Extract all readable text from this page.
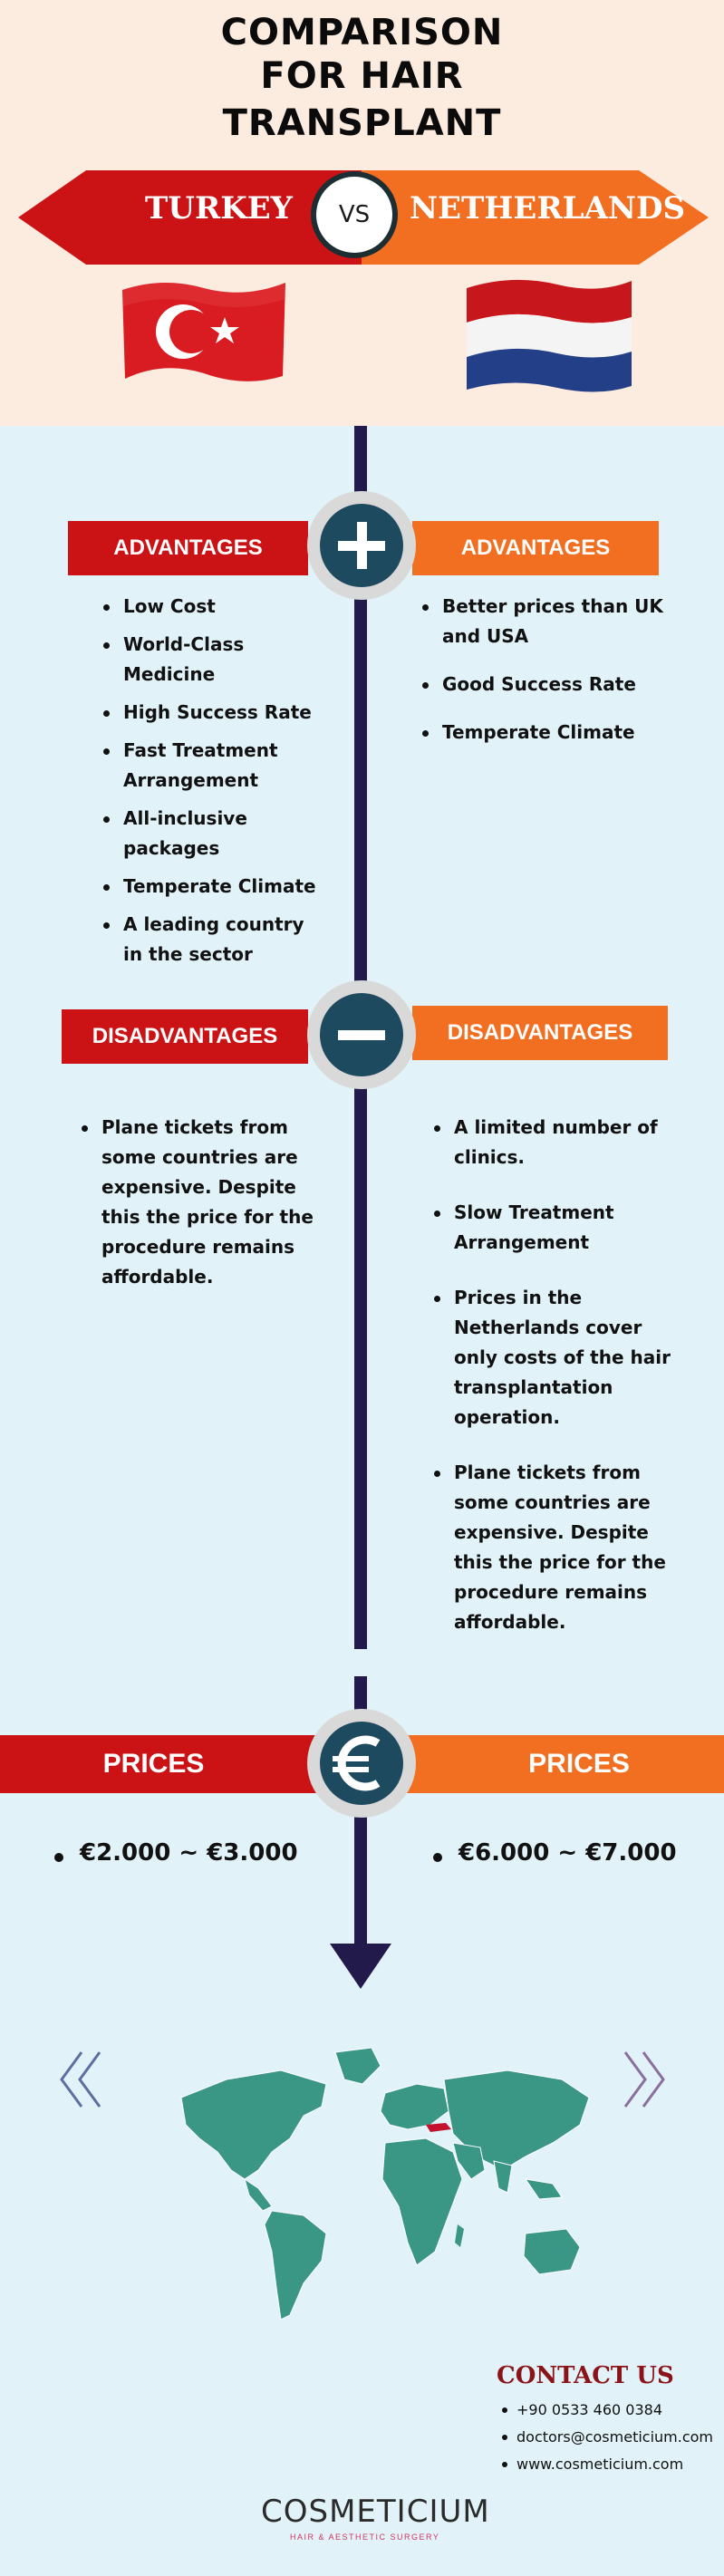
COMPARISON
FOR HAIR
TRANSPLANT
TURKEY	NETHERLANDS
VS
ADVANTAGES	ADVANTAGES
Low Cost
World-Class Medicine
High Success Rate
Fast Treatment Arrangement
All-inclusive packages
Temperate Climate
A leading country in the sector
Better prices than UK and USA
Good Success Rate
Temperate Climate
DISADVANTAGES	DISADVANTAGES
Plane tickets from some countries are expensive. Despite this the price for the procedure remains affordable.
A limited number of clinics.
Slow Treatment Arrangement
Prices in the Netherlands cover only costs of the hair transplantation operation.
Plane tickets from some countries are expensive. Despite this the price for the procedure remains affordable.
PRICES	PRICES
€2.000 ~ €3.000	€6.000 ~ €7.000
CONTACT US
+90 0533 460 0384
doctors@cosmeticium.com
www.cosmeticium.com
COSMETICIUM
HAIR & AESTHETIC SURGERY
